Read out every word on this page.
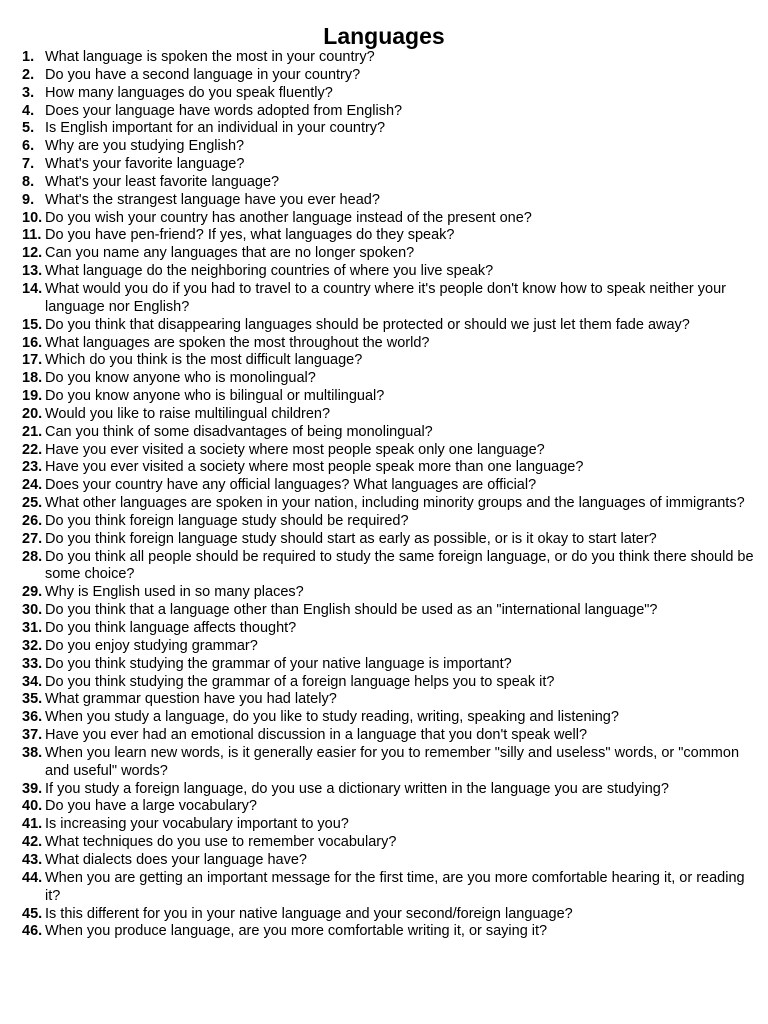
Languages
1. What language is spoken the most in your country?
2. Do you have a second language in your country?
3. How many languages do you speak fluently?
4. Does your language have words adopted from English?
5. Is English important for an individual in your country?
6. Why are you studying English?
7. What's your favorite language?
8. What's your least favorite language?
9. What's the strangest language have you ever head?
10. Do you wish your country has another language instead of the present one?
11. Do you have pen-friend? If yes, what languages do they speak?
12. Can you name any languages that are no longer spoken?
13. What language do the neighboring countries of where you live speak?
14. What would you do if you had to travel to a country where it's people don't know how to speak neither your language nor English?
15. Do you think that disappearing languages should be protected or should we just let them fade away?
16. What languages are spoken the most throughout the world?
17. Which do you think is the most difficult language?
18. Do you know anyone who is monolingual?
19. Do you know anyone who is bilingual or multilingual?
20. Would you like to raise multilingual children?
21. Can you think of some disadvantages of being monolingual?
22. Have you ever visited a society where most people speak only one language?
23. Have you ever visited a society where most people speak more than one language?
24. Does your country have any official languages? What languages are official?
25. What other languages are spoken in your nation, including minority groups and the languages of immigrants?
26. Do you think foreign language study should be required?
27. Do you think foreign language study should start as early as possible, or is it okay to start later?
28. Do you think all people should be required to study the same foreign language, or do you think there should be some choice?
29. Why is English used in so many places?
30. Do you think that a language other than English should be used as an "international language"?
31. Do you think language affects thought?
32. Do you enjoy studying grammar?
33. Do you think studying the grammar of your native language is important?
34. Do you think studying the grammar of a foreign language helps you to speak it?
35. What grammar question have you had lately?
36. When you study a language, do you like to study reading, writing, speaking and listening?
37. Have you ever had an emotional discussion in a language that you don't speak well?
38. When you learn new words, is it generally easier for you to remember "silly and useless" words, or "common and useful" words?
39. If you study a foreign language, do you use a dictionary written in the language you are studying?
40. Do you have a large vocabulary?
41. Is increasing your vocabulary important to you?
42. What techniques do you use to remember vocabulary?
43. What dialects does your language have?
44. When you are getting an important message for the first time, are you more comfortable hearing it, or reading it?
45. Is this different for you in your native language and your second/foreign language?
46. When you produce language, are you more comfortable writing it, or saying it?
